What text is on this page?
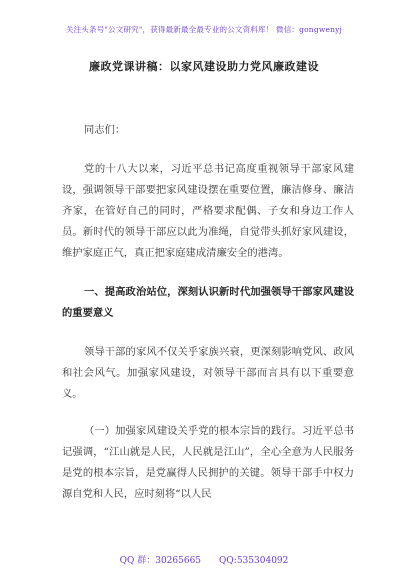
关注头条号"公文研究"，获得最新最全最专业的公文资料库！ 微信：gongwenyj
廉政党课讲稿：以家风建设助力党风廉政建设

同志们：

党的十八大以来，习近平总书记高度重视领导干部家风建设，强调领导干部要把家风建设摆在重要位置，廉洁修身、廉洁齐家，在管好自己的同时，严格要求配偶、子女和身边工作人员。新时代的领导干部应以此为准绳，自觉带头抓好家风建设，维护家庭正气，真正把家庭建成清廉安全的港湾。

一、提高政治站位，深刻认识新时代加强领导干部家风建设的重要意义

领导干部的家风不仅关乎家族兴衰，更深刻影响党风、政风和社会风气。加强家风建设，对领导干部而言具有以下重要意义。

（一）加强家风建设关乎党的根本宗旨的践行。习近平总书记强调，“江山就是人民，人民就是江山”，全心全意为人民服务是党的根本宗旨，是党赢得人民拥护的关键。领导干部手中权力源自党和人民，应时刻将“以人民

QQ 群：30265665 QQ:535304092
